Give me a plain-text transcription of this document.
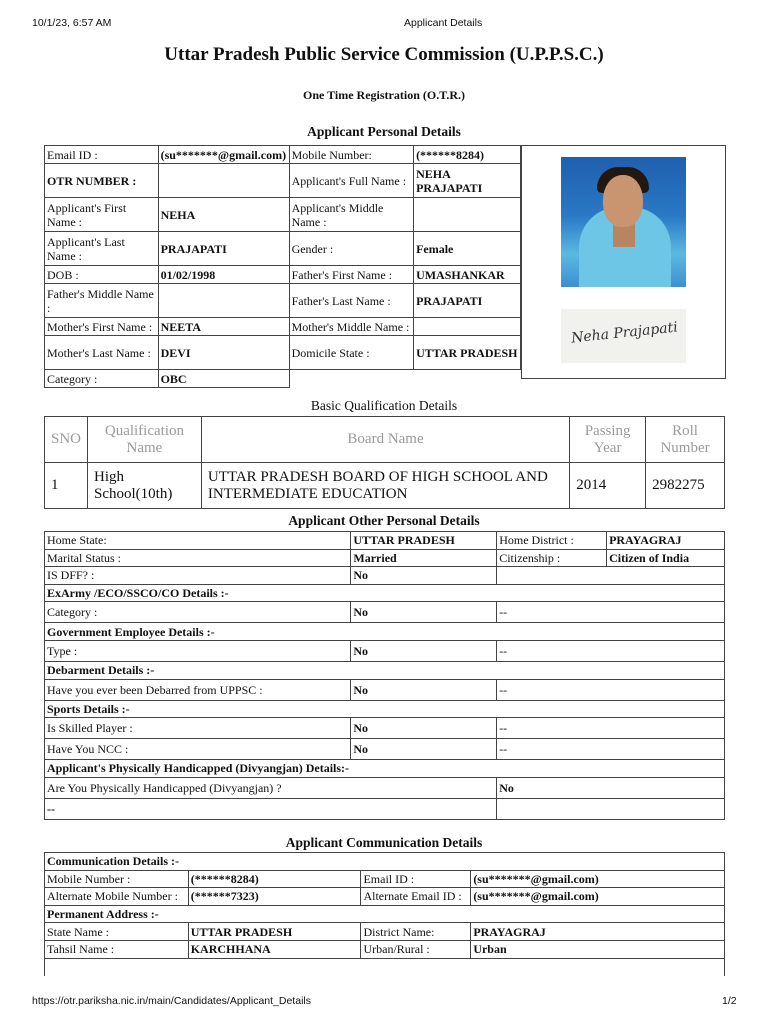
10/1/23, 6:57 AM	Applicant Details
Uttar Pradesh Public Service Commission (U.P.P.S.C.)
One Time Registration (O.T.R.)
Applicant Personal Details
Email ID :	(su*******@gmail.com)	Mobile Number:	(******8284)
OTR NUMBER :		Applicant's Full Name :	NEHA PRAJAPATI
Applicant's First Name :	NEHA	Applicant's Middle Name :	
Applicant's Last Name :	PRAJAPATI	Gender :	Female
DOB :	01/02/1998	Father's First Name :	UMASHANKAR
Father's Middle Name :		Father's Last Name :	PRAJAPATI
Mother's First Name :	NEETA	Mother's Middle Name :	
Mother's Last Name :	DEVI	Domicile State :	UTTAR PRADESH
Category :	OBC		
Neha Prajapati
Basic Qualification Details
SNO	Qualification Name	Board Name	Passing Year	Roll Number
1	High School(10th)	UTTAR PRADESH BOARD OF HIGH SCHOOL AND INTERMEDIATE EDUCATION	2014	2982275
Applicant Other Personal Details
Home State:	UTTAR PRADESH	Home District :	PRAYAGRAJ
Marital Status :	Married	Citizenship :	Citizen of India
IS DFF? :	No		
ExArmy /ECO/SSCO/CO Details :-			
Category :	No	--	
Government Employee Details :-			
Type :	No	--	
Debarment Details :-			
Have you ever been Debarred from UPPSC :	No	--	
Sports Details :-			
Is Skilled Player :	No	--	
Have You NCC :	No	--	
Applicant's Physically Handicapped (Divyangjan) Details:-			
Are You Physically Handicapped (Divyangjan) ?		No	
--			
Applicant Communication Details
Communication Details :-			
Mobile Number :	(******8284)	Email ID :	(su*******@gmail.com)
Alternate Mobile Number :	(******7323)	Alternate Email ID :	(su*******@gmail.com)
Permanent Address :-			
State Name :	UTTAR PRADESH	District Name:	PRAYAGRAJ
Tahsil Name :	KARCHHANA	Urban/Rural :	Urban

https://otr.pariksha.nic.in/main/Candidates/Applicant_Details	1/2
